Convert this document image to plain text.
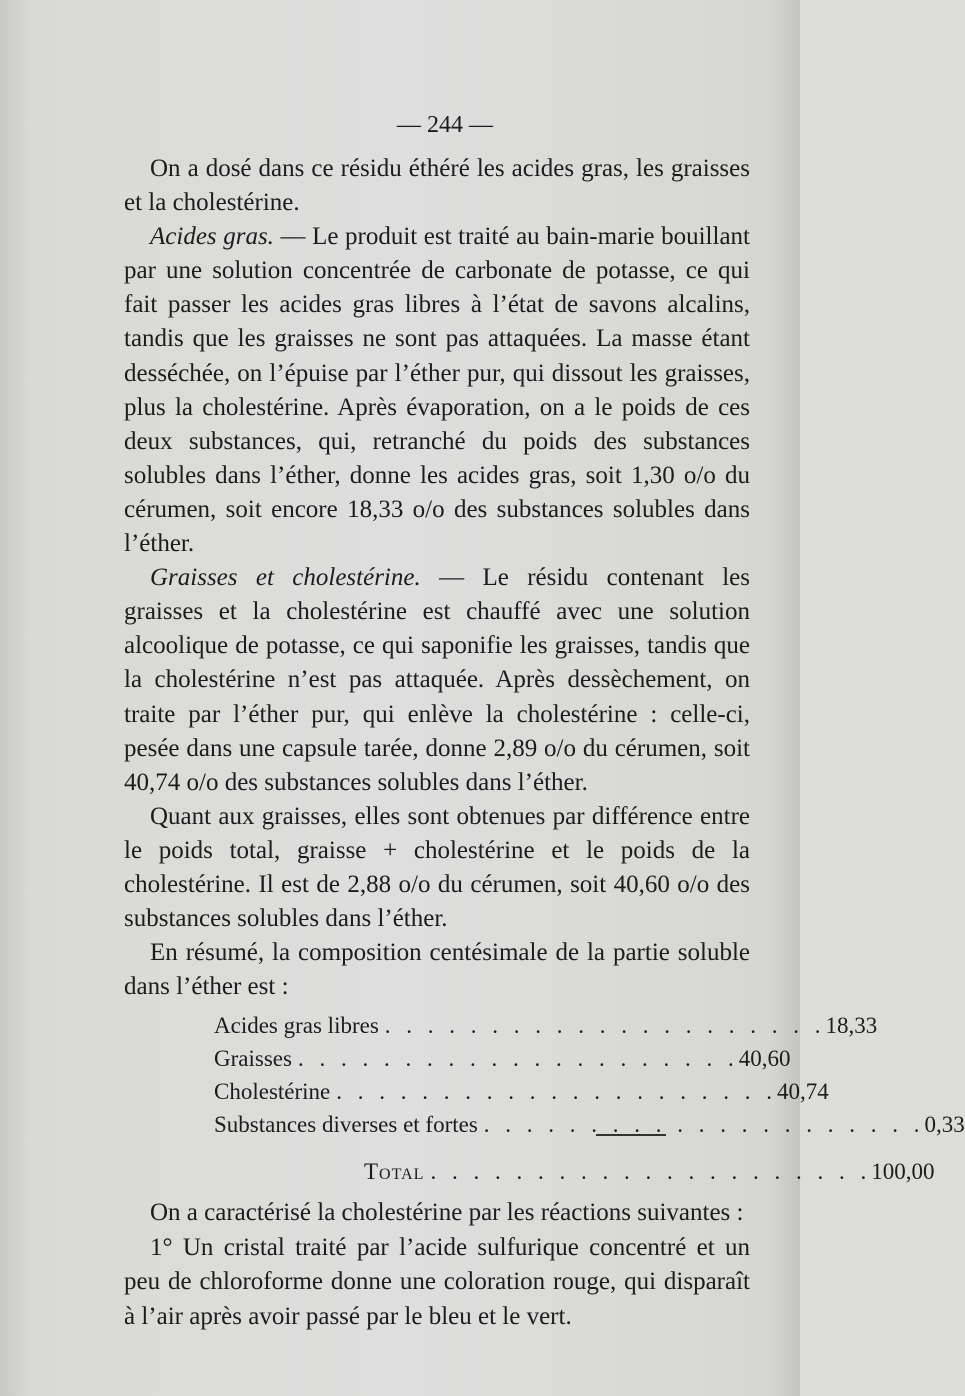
— 244 —

On a dosé dans ce résidu éthéré les acides gras, les graisses et la cholestérine.

Acides gras. — Le produit est traité au bain-marie bouillant par une solution concentrée de carbonate de potasse, ce qui fait passer les acides gras libres à l’état de savons alcalins, tandis que les graisses ne sont pas attaquées. La masse étant desséchée, on l’épuise par l’éther pur, qui dissout les graisses, plus la cholestérine. Après évaporation, on a le poids de ces deux substances, qui, retranché du poids des substances solubles dans l’éther, donne les acides gras, soit 1,30 o/o du cérumen, soit encore 18,33 o/o des substances solubles dans l’éther.

Graisses et cholestérine. — Le résidu contenant les graisses et la cholestérine est chauffé avec une solution alcoolique de potasse, ce qui saponifie les graisses, tandis que la cholestérine n’est pas attaquée. Après dessèchement, on traite par l’éther pur, qui enlève la cholestérine : celle-ci, pesée dans une capsule tarée, donne 2,89 o/o du cérumen, soit 40,74 o/o des substances solubles dans l’éther.

Quant aux graisses, elles sont obtenues par différence entre le poids total, graisse + cholestérine et le poids de la cholestérine. Il est de 2,88 o/o du cérumen, soit 40,60 o/o des substances solubles dans l’éther.

En résumé, la composition centésimale de la partie soluble dans l’éther est :

Acides gras libres . . . . . . . . . . . . . . . . . . . . . 18,33
Graisses . . . . . . . . . . . . . . . . . . . . . 40,60
Cholestérine . . . . . . . . . . . . . . . . . . . . . 40,74
Substances diverses et fortes . . . . . . . . . . . . . . . . . . . . . 0,33
Total . . . . . . . . . . . . . . . . . . . . . 100,00

On a caractérisé la cholestérine par les réactions suivantes :

1° Un cristal traité par l’acide sulfurique concentré et un peu de chloroforme donne une coloration rouge, qui disparaît à l’air après avoir passé par le bleu et le vert.
